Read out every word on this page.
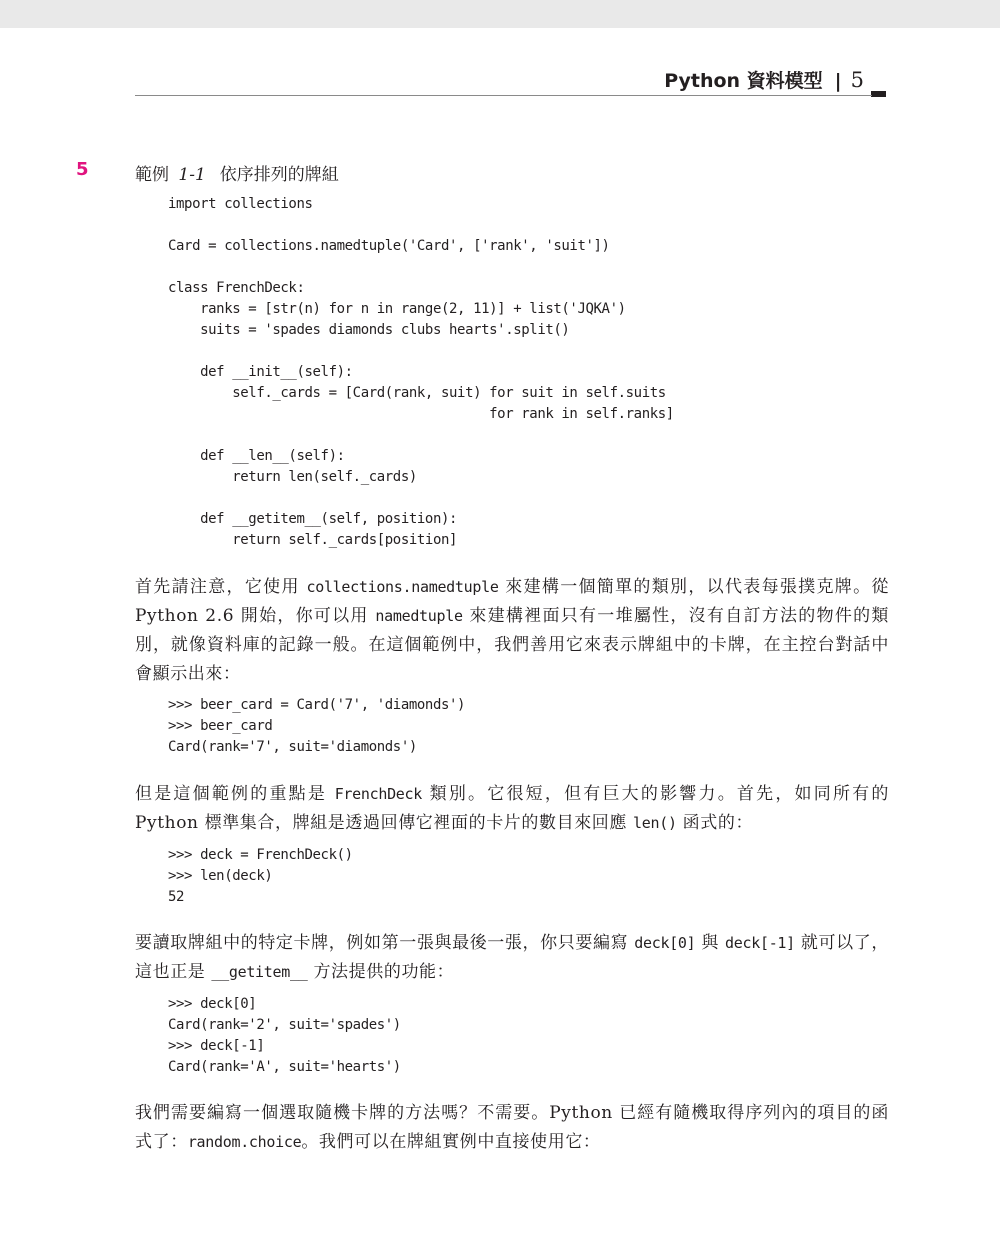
Python 資料模型 | 5
5	範例 1-1 依序排列的牌組
import collections

Card = collections.namedtuple('Card', ['rank', 'suit'])

class FrenchDeck:
ranks = [str(n) for n in range(2, 11)] + list('JQKA')
suits = 'spades diamonds clubs hearts'.split()

def __init__(self):
self._cards = [Card(rank, suit) for suit in self.suits
for rank in self.ranks]

def __len__(self):
return len(self._cards)

def __getitem__(self, position):
return self._cards[position]

首先請注意，它使用 collections.namedtuple 來建構一個簡單的類別，以代表每張撲克牌。從 Python 2.6 開始，你可以用 namedtuple 來建構裡面只有一堆屬性，沒有自訂方法的物件的類別，就像資料庫的記錄一般。在這個範例中，我們善用它來表示牌組中的卡牌，在主控台對話中會顯示出來：

>>> beer_card = Card('7', 'diamonds')
>>> beer_card
Card(rank='7', suit='diamonds')

但是這個範例的重點是 FrenchDeck 類別。它很短，但有巨大的影響力。首先，如同所有的 Python 標準集合，牌組是透過回傳它裡面的卡片的數目來回應 len() 函式的：

>>> deck = FrenchDeck()
>>> len(deck)
52

要讀取牌組中的特定卡牌，例如第一張與最後一張，你只要編寫 deck[0] 與 deck[-1] 就可以了，這也正是 __getitem__ 方法提供的功能：

>>> deck[0]
Card(rank='2', suit='spades')
>>> deck[-1]
Card(rank='A', suit='hearts')

我們需要編寫一個選取隨機卡牌的方法嗎？不需要。Python 已經有隨機取得序列內的項目的函式了：random.choice。我們可以在牌組實例中直接使用它：
